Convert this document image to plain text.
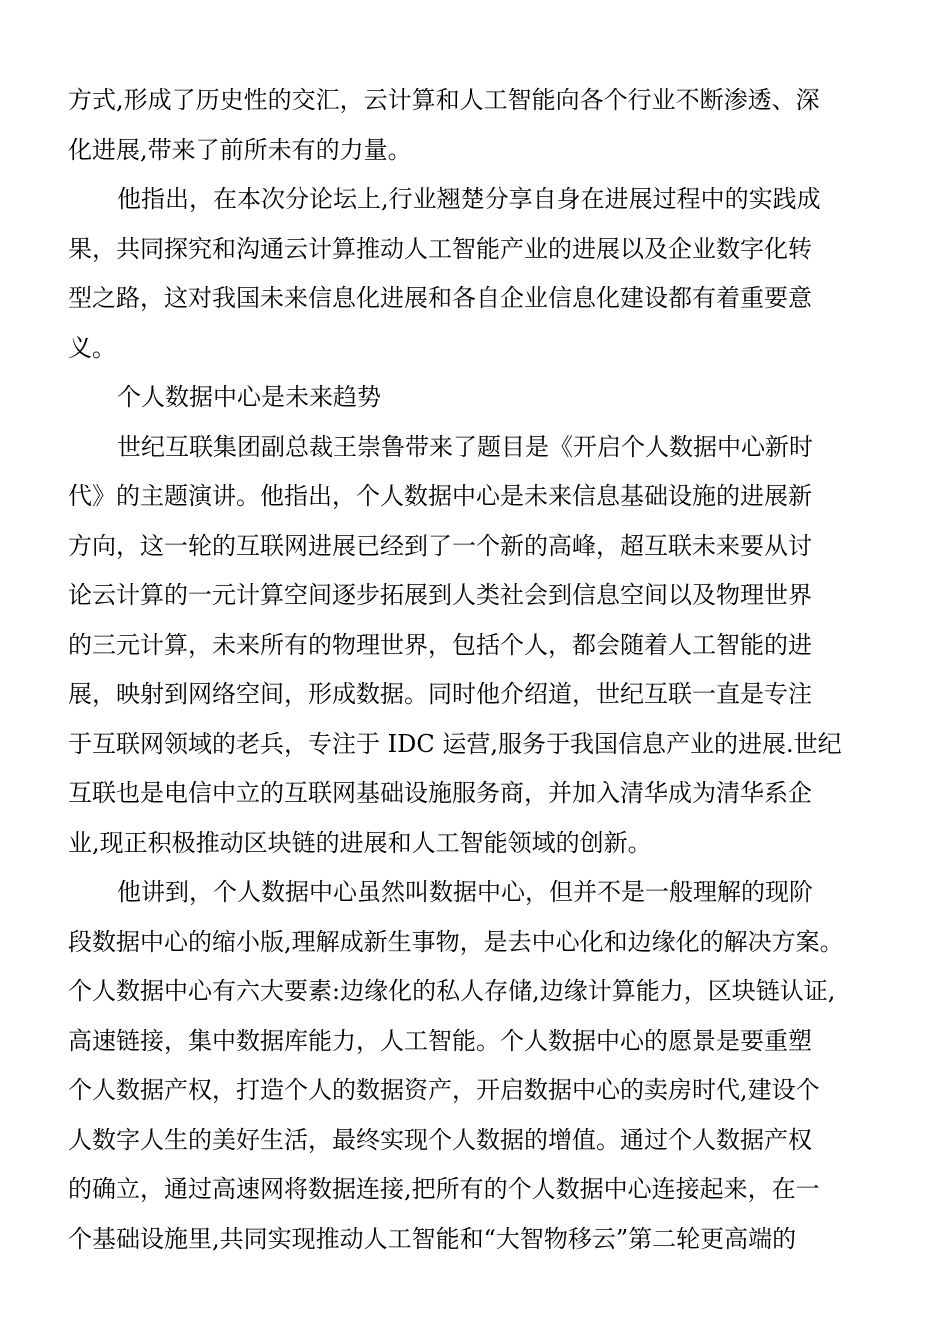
方式,形成了历史性的交汇，云计算和人工智能向各个行业不断渗透、深
化进展,带来了前所未有的力量。

他指出，在本次分论坛上,行业翘楚分享自身在进展过程中的实践成
果，共同探究和沟通云计算推动人工智能产业的进展以及企业数字化转
型之路，这对我国未来信息化进展和各自企业信息化建设都有着重要意
义。

个人数据中心是未来趋势

世纪互联集团副总裁王崇鲁带来了题目是《开启个人数据中心新时
代》的主题演讲。他指出，个人数据中心是未来信息基础设施的进展新
方向，这一轮的互联网进展已经到了一个新的高峰，超互联未来要从讨
论云计算的一元计算空间逐步拓展到人类社会到信息空间以及物理世界
的三元计算，未来所有的物理世界，包括个人，都会随着人工智能的进
展，映射到网络空间，形成数据。同时他介绍道，世纪互联一直是专注
于互联网领域的老兵，专注于 IDC 运营,服务于我国信息产业的进展.世纪
互联也是电信中立的互联网基础设施服务商，并加入清华成为清华系企
业,现正积极推动区块链的进展和人工智能领域的创新。

他讲到，个人数据中心虽然叫数据中心，但并不是一般理解的现阶
段数据中心的缩小版,理解成新生事物，是去中心化和边缘化的解决方案。
个人数据中心有六大要素:边缘化的私人存储,边缘计算能力，区块链认证,
高速链接，集中数据库能力，人工智能。个人数据中心的愿景是要重塑
个人数据产权，打造个人的数据资产，开启数据中心的卖房时代,建设个
人数字人生的美好生活，最终实现个人数据的增值。通过个人数据产权
的确立，通过高速网将数据连接,把所有的个人数据中心连接起来，在一
个基础设施里,共同实现推动人工智能和“大智物移云”第二轮更高端的
